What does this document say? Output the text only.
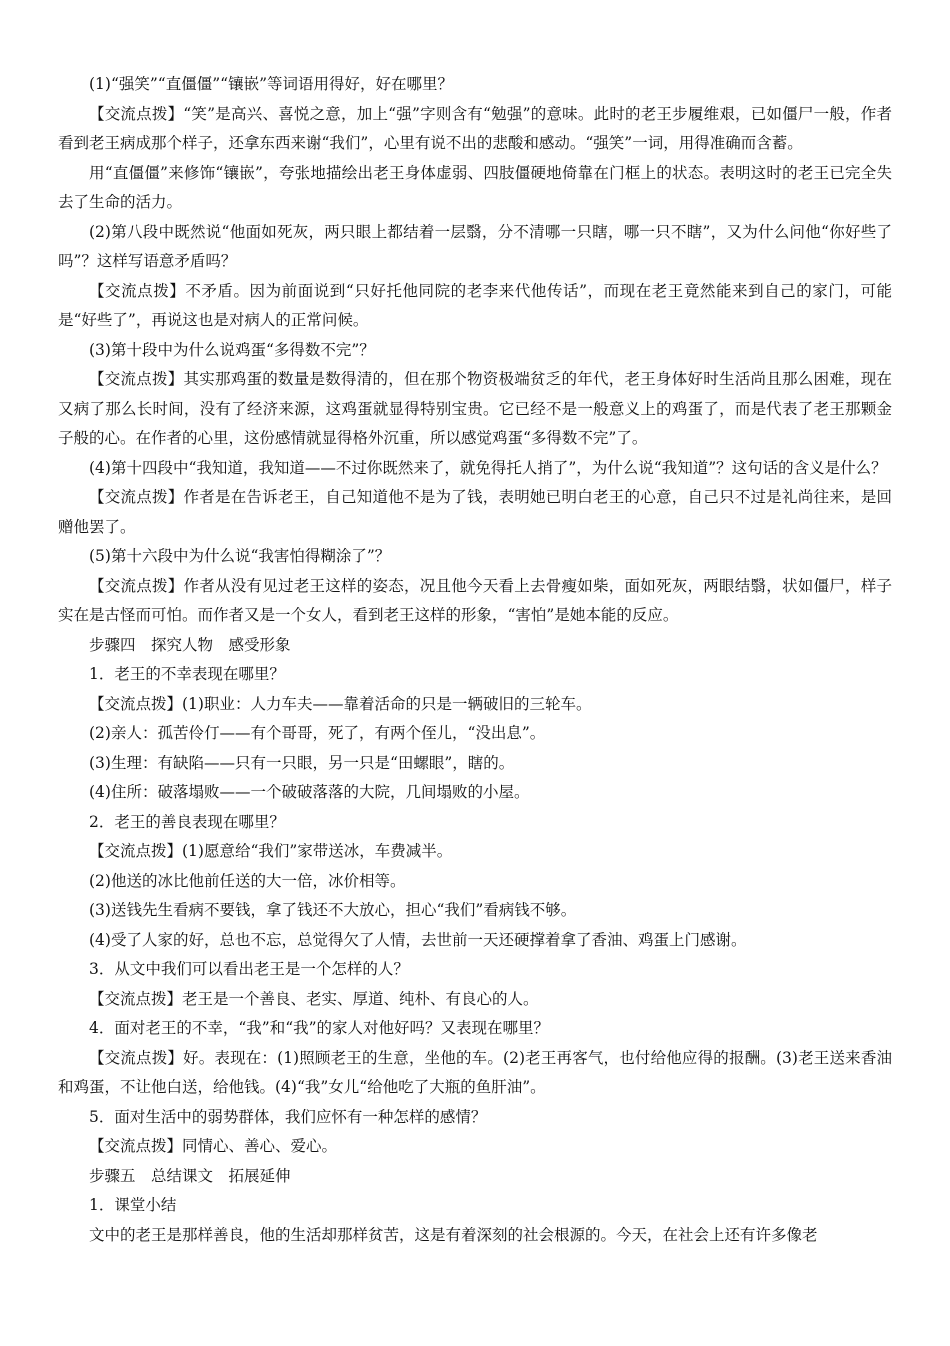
(1)“强笑”“直僵僵”“镶嵌”等词语用得好，好在哪里？

【交流点拨】“笑”是高兴、喜悦之意，加上“强”字则含有“勉强”的意味。此时的老王步履维艰，已如僵尸一般，作者看到老王病成那个样子，还拿东西来谢“我们”，心里有说不出的悲酸和感动。“强笑”一词，用得准确而含蓄。

用“直僵僵”来修饰“镶嵌”，夸张地描绘出老王身体虚弱、四肢僵硬地倚靠在门框上的状态。表明这时的老王已完全失去了生命的活力。

(2)第八段中既然说“他面如死灰，两只眼上都结着一层翳，分不清哪一只瞎，哪一只不瞎”，又为什么问他“你好些了吗”？这样写语意矛盾吗？

【交流点拨】不矛盾。因为前面说到“只好托他同院的老李来代他传话”，而现在老王竟然能来到自己的家门，可能是“好些了”，再说这也是对病人的正常问候。

(3)第十段中为什么说鸡蛋“多得数不完”？

【交流点拨】其实那鸡蛋的数量是数得清的，但在那个物资极端贫乏的年代，老王身体好时生活尚且那么困难，现在又病了那么长时间，没有了经济来源，这鸡蛋就显得特别宝贵。它已经不是一般意义上的鸡蛋了，而是代表了老王那颗金子般的心。在作者的心里，这份感情就显得格外沉重，所以感觉鸡蛋“多得数不完”了。

(4)第十四段中“我知道，我知道——不过你既然来了，就免得托人捎了”，为什么说“我知道”？这句话的含义是什么？

【交流点拨】作者是在告诉老王，自己知道他不是为了钱，表明她已明白老王的心意，自己只不过是礼尚往来，是回赠他罢了。

(5)第十六段中为什么说“我害怕得糊涂了”？

【交流点拨】作者从没有见过老王这样的姿态，况且他今天看上去骨瘦如柴，面如死灰，两眼结翳，状如僵尸，样子实在是古怪而可怕。而作者又是一个女人，看到老王这样的形象，“害怕”是她本能的反应。

步骤四　探究人物　感受形象

1．老王的不幸表现在哪里？

【交流点拨】(1)职业：人力车夫——靠着活命的只是一辆破旧的三轮车。

(2)亲人：孤苦伶仃——有个哥哥，死了，有两个侄儿，“没出息”。

(3)生理：有缺陷——只有一只眼，另一只是“田螺眼”，瞎的。

(4)住所：破落塌败——一个破破落落的大院，几间塌败的小屋。

2．老王的善良表现在哪里？

【交流点拨】(1)愿意给“我们”家带送冰，车费减半。

(2)他送的冰比他前任送的大一倍，冰价相等。

(3)送钱先生看病不要钱，拿了钱还不大放心，担心“我们”看病钱不够。

(4)受了人家的好，总也不忘，总觉得欠了人情，去世前一天还硬撑着拿了香油、鸡蛋上门感谢。

3．从文中我们可以看出老王是一个怎样的人？

【交流点拨】老王是一个善良、老实、厚道、纯朴、有良心的人。

4．面对老王的不幸，“我”和“我”的家人对他好吗？又表现在哪里？

【交流点拨】好。表现在：(1)照顾老王的生意，坐他的车。(2)老王再客气，也付给他应得的报酬。(3)老王送来香油和鸡蛋，不让他白送，给他钱。(4)“我”女儿“给他吃了大瓶的鱼肝油”。

5．面对生活中的弱势群体，我们应怀有一种怎样的感情？

【交流点拨】同情心、善心、爱心。

步骤五　总结课文　拓展延伸

1．课堂小结

文中的老王是那样善良，他的生活却那样贫苦，这是有着深刻的社会根源的。今天，在社会上还有许多像老
